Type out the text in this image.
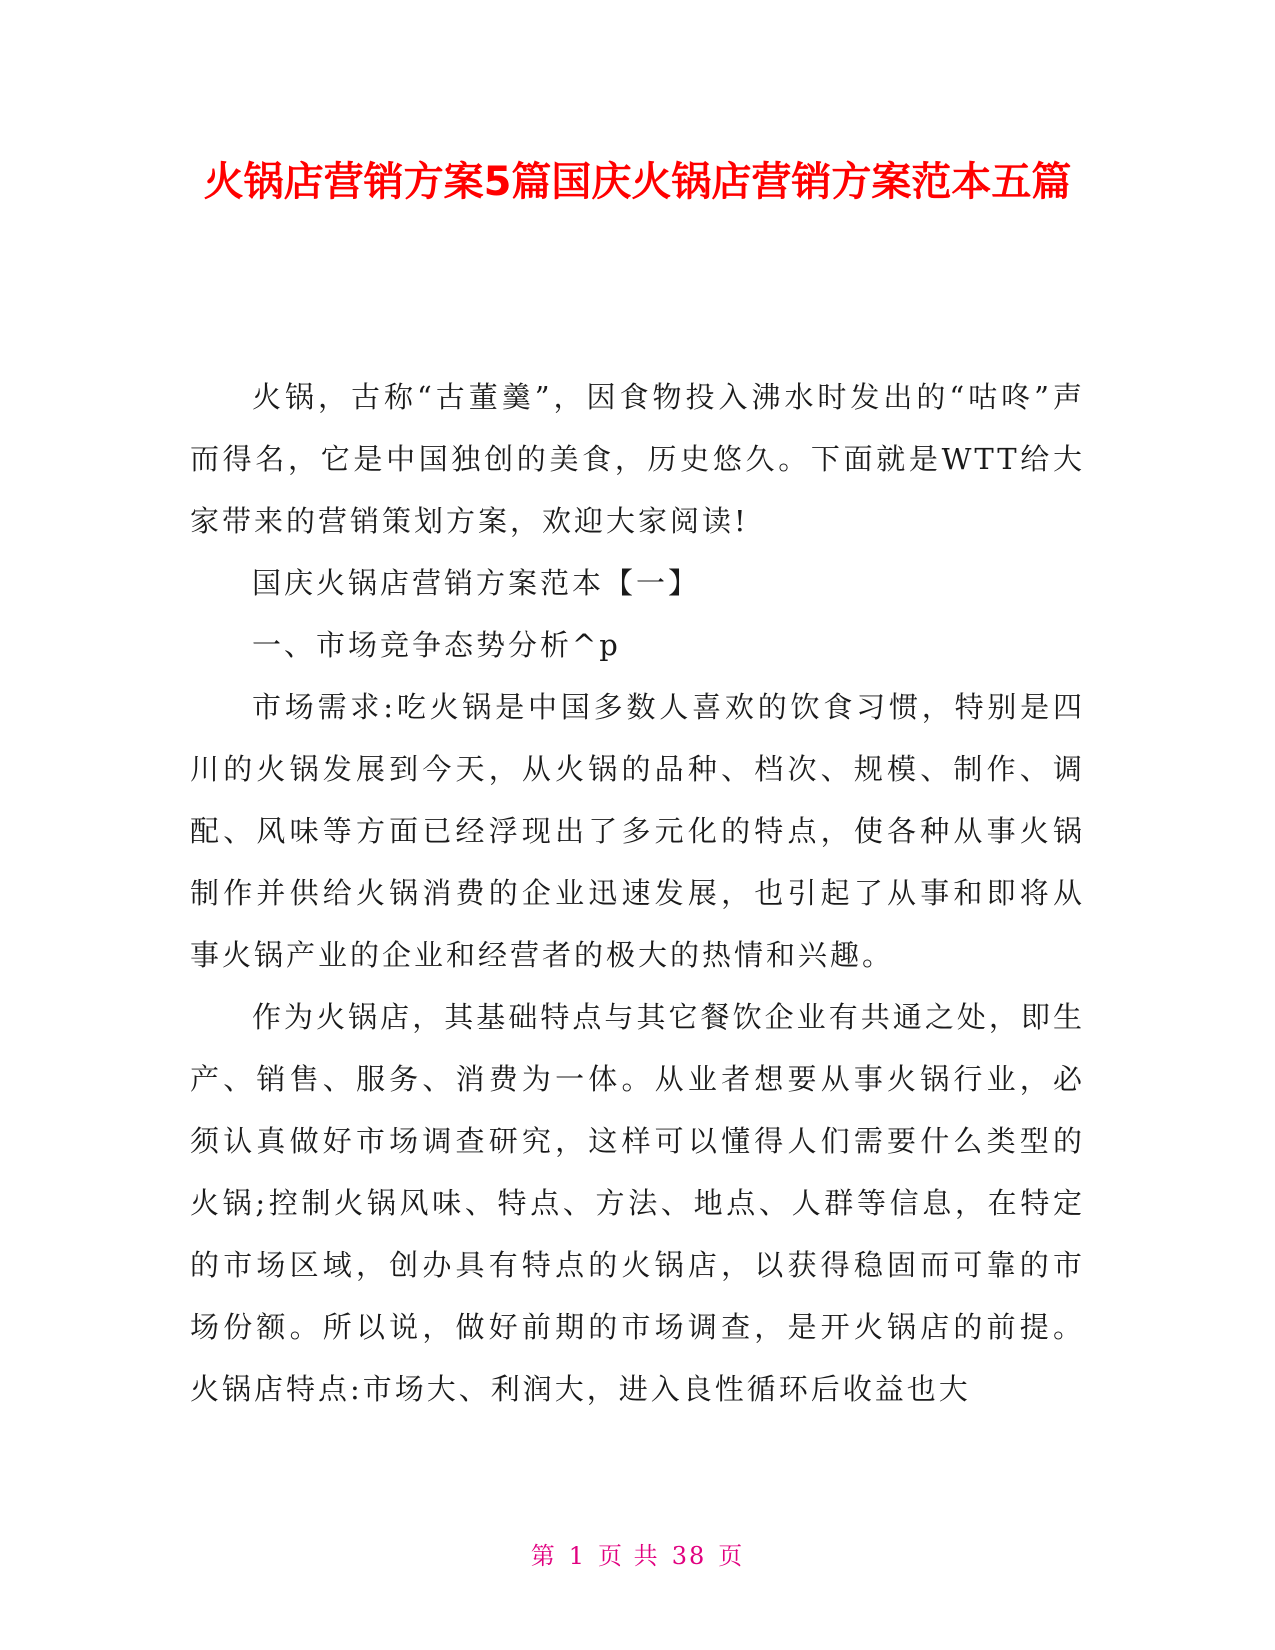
火锅店营销方案5篇国庆火锅店营销方案范本五篇

火锅，古称“古董羹”，因食物投入沸水时发出的“咕咚”声而得名，它是中国独创的美食，历史悠久。下面就是WTT给大家带来的营销策划方案，欢迎大家阅读!

国庆火锅店营销方案范本【一】

一、市场竞争态势分析^p

市场需求:吃火锅是中国多数人喜欢的饮食习惯，特别是四川的火锅发展到今天，从火锅的品种、档次、规模、制作、调配、风味等方面已经浮现出了多元化的特点，使各种从事火锅制作并供给火锅消费的企业迅速发展，也引起了从事和即将从事火锅产业的企业和经营者的极大的热情和兴趣。

作为火锅店，其基础特点与其它餐饮企业有共通之处，即生产、销售、服务、消费为一体。从业者想要从事火锅行业，必须认真做好市场调查研究，这样可以懂得人们需要什么类型的火锅;控制火锅风味、特点、方法、地点、人群等信息，在特定的市场区域，创办具有特点的火锅店，以获得稳固而可靠的市场份额。所以说，做好前期的市场调查，是开火锅店的前提。火锅店特点:市场大、利润大，进入良性循环后收益也大

第 1 页 共 38 页
